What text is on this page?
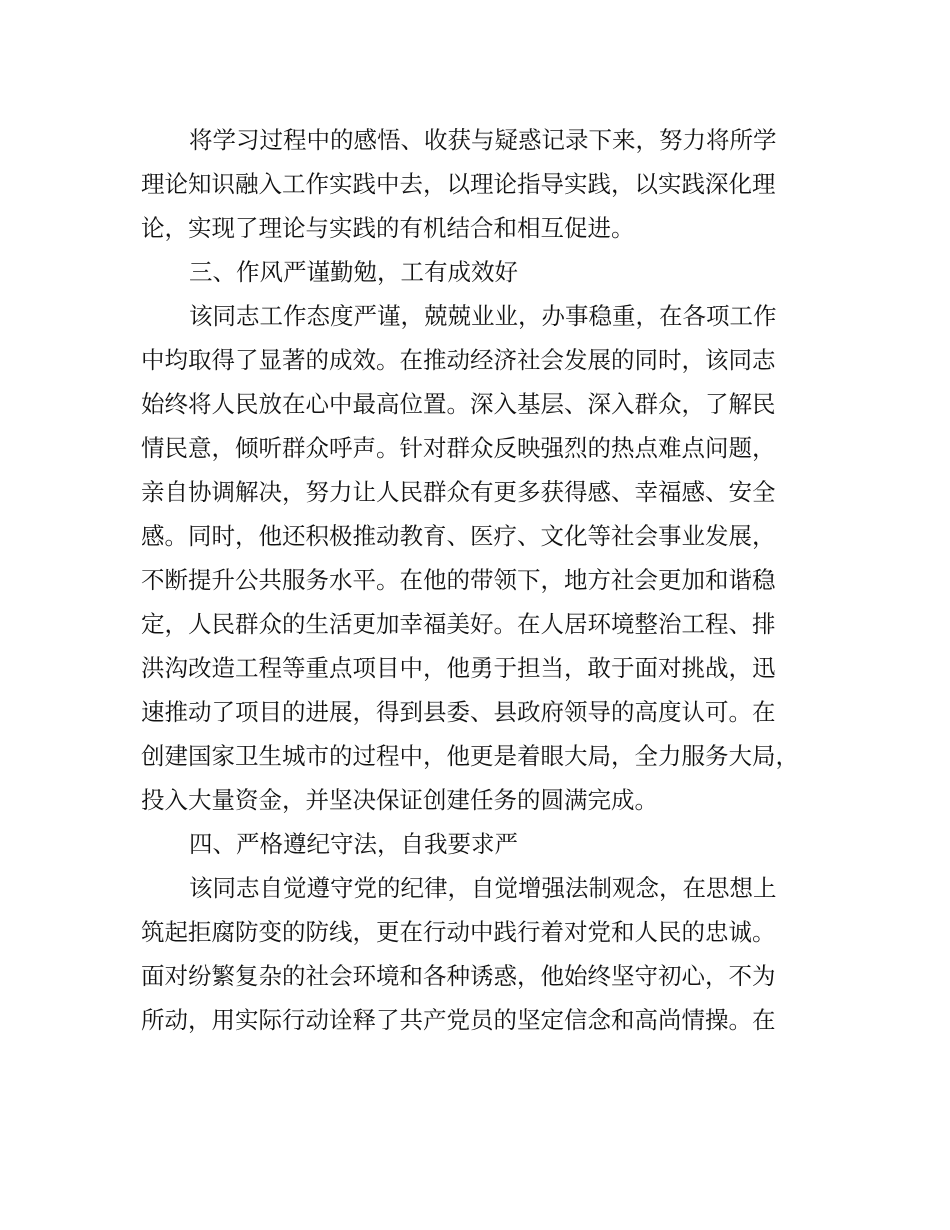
将学习过程中的感悟、收获与疑惑记录下来，努力将所学
理论知识融入工作实践中去，以理论指导实践，以实践深化理
论，实现了理论与实践的有机结合和相互促进。
三、作风严谨勤勉，工有成效好
该同志工作态度严谨，兢兢业业，办事稳重，在各项工作
中均取得了显著的成效。在推动经济社会发展的同时，该同志
始终将人民放在心中最高位置。深入基层、深入群众，了解民
情民意，倾听群众呼声。针对群众反映强烈的热点难点问题，
亲自协调解决，努力让人民群众有更多获得感、幸福感、安全
感。同时，他还积极推动教育、医疗、文化等社会事业发展，
不断提升公共服务水平。在他的带领下，地方社会更加和谐稳
定，人民群众的生活更加幸福美好。在人居环境整治工程、排
洪沟改造工程等重点项目中，他勇于担当，敢于面对挑战，迅
速推动了项目的进展，得到县委、县政府领导的高度认可。在
创建国家卫生城市的过程中，他更是着眼大局，全力服务大局，
投入大量资金，并坚决保证创建任务的圆满完成。
四、严格遵纪守法，自我要求严
该同志自觉遵守党的纪律，自觉增强法制观念，在思想上
筑起拒腐防变的防线，更在行动中践行着对党和人民的忠诚。
面对纷繁复杂的社会环境和各种诱惑，他始终坚守初心，不为
所动，用实际行动诠释了共产党员的坚定信念和高尚情操。在
